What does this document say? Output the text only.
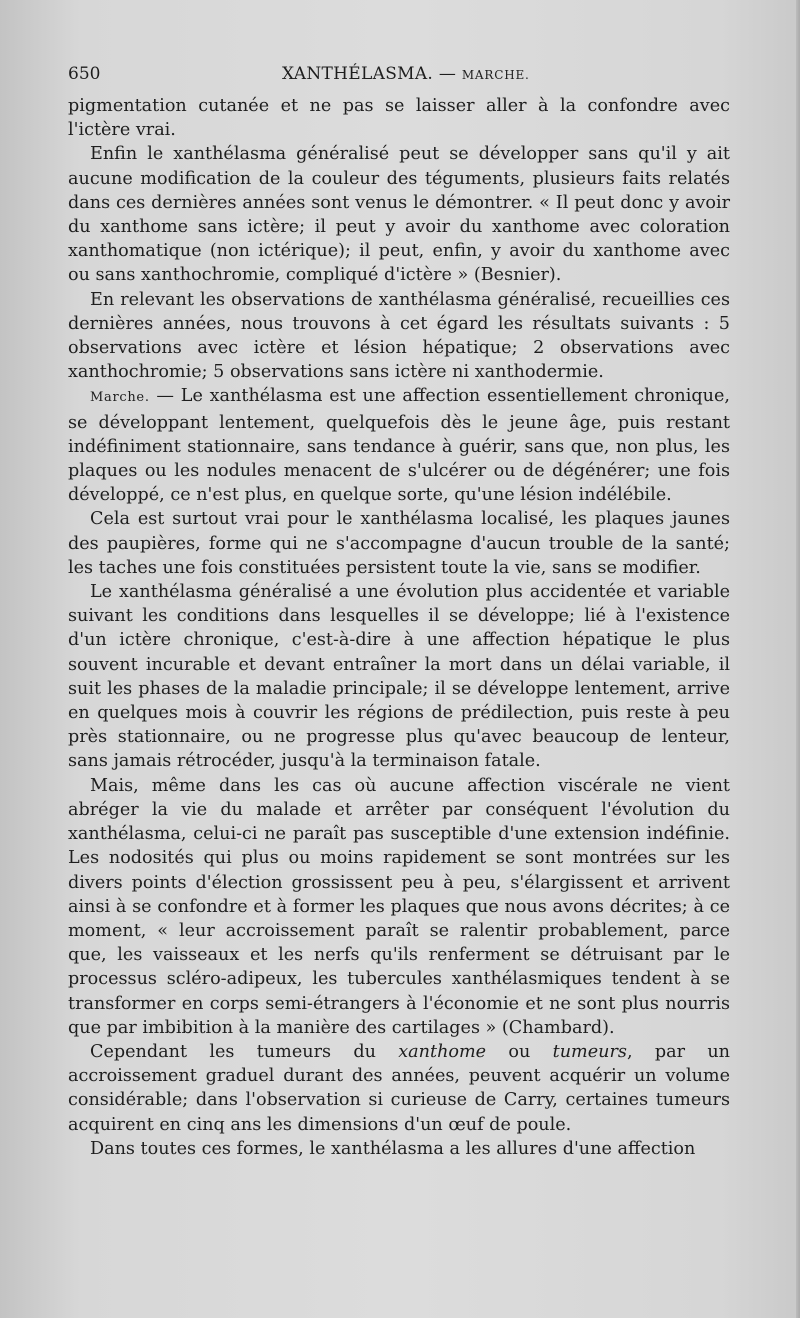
650	XANTHÉLASMA. — MARCHE.

pigmentation cutanée et ne pas se laisser aller à la confondre avec l'ictère vrai.

Enfin le xanthélasma généralisé peut se développer sans qu'il y ait aucune modification de la couleur des téguments, plusieurs faits relatés dans ces dernières années sont venus le démontrer. « Il peut donc y avoir du xanthome sans ictère; il peut y avoir du xanthome avec coloration xanthomatique (non ictérique); il peut, enfin, y avoir du xanthome avec ou sans xanthochromie, compliqué d'ictère » (Besnier).

En relevant les observations de xanthélasma généralisé, recueillies ces dernières années, nous trouvons à cet égard les résultats suivants : 5 observations avec ictère et lésion hépatique; 2 observations avec xanthochromie; 5 observations sans ictère ni xanthodermie.

Marche. — Le xanthélasma est une affection essentiellement chronique, se développant lentement, quelquefois dès le jeune âge, puis restant indéfiniment stationnaire, sans tendance à guérir, sans que, non plus, les plaques ou les nodules menacent de s'ulcérer ou de dégénérer; une fois développé, ce n'est plus, en quelque sorte, qu'une lésion indélébile.

Cela est surtout vrai pour le xanthélasma localisé, les plaques jaunes des paupières, forme qui ne s'accompagne d'aucun trouble de la santé; les taches une fois constituées persistent toute la vie, sans se modifier.

Le xanthélasma généralisé a une évolution plus accidentée et variable suivant les conditions dans lesquelles il se développe; lié à l'existence d'un ictère chronique, c'est-à-dire à une affection hépatique le plus souvent incurable et devant entraîner la mort dans un délai variable, il suit les phases de la maladie principale; il se développe lentement, arrive en quelques mois à couvrir les régions de prédilection, puis reste à peu près stationnaire, ou ne progresse plus qu'avec beaucoup de lenteur, sans jamais rétrocéder, jusqu'à la terminaison fatale.

Mais, même dans les cas où aucune affection viscérale ne vient abréger la vie du malade et arrêter par conséquent l'évolution du xanthélasma, celui-ci ne paraît pas susceptible d'une extension indéfinie. Les nodosités qui plus ou moins rapidement se sont montrées sur les divers points d'élection grossissent peu à peu, s'élargissent et arrivent ainsi à se confondre et à former les plaques que nous avons décrites; à ce moment, « leur accroissement paraît se ralentir probablement, parce que, les vaisseaux et les nerfs qu'ils renferment se détruisant par le processus scléro-adipeux, les tubercules xanthélasmiques tendent à se transformer en corps semi-étrangers à l'économie et ne sont plus nourris que par imbibition à la manière des cartilages » (Chambard).

Cependant les tumeurs du xanthome ou tumeurs, par un accroissement graduel durant des années, peuvent acquérir un volume considérable; dans l'observation si curieuse de Carry, certaines tumeurs acquirent en cinq ans les dimensions d'un œuf de poule.

Dans toutes ces formes, le xanthélasma a les allures d'une affection
